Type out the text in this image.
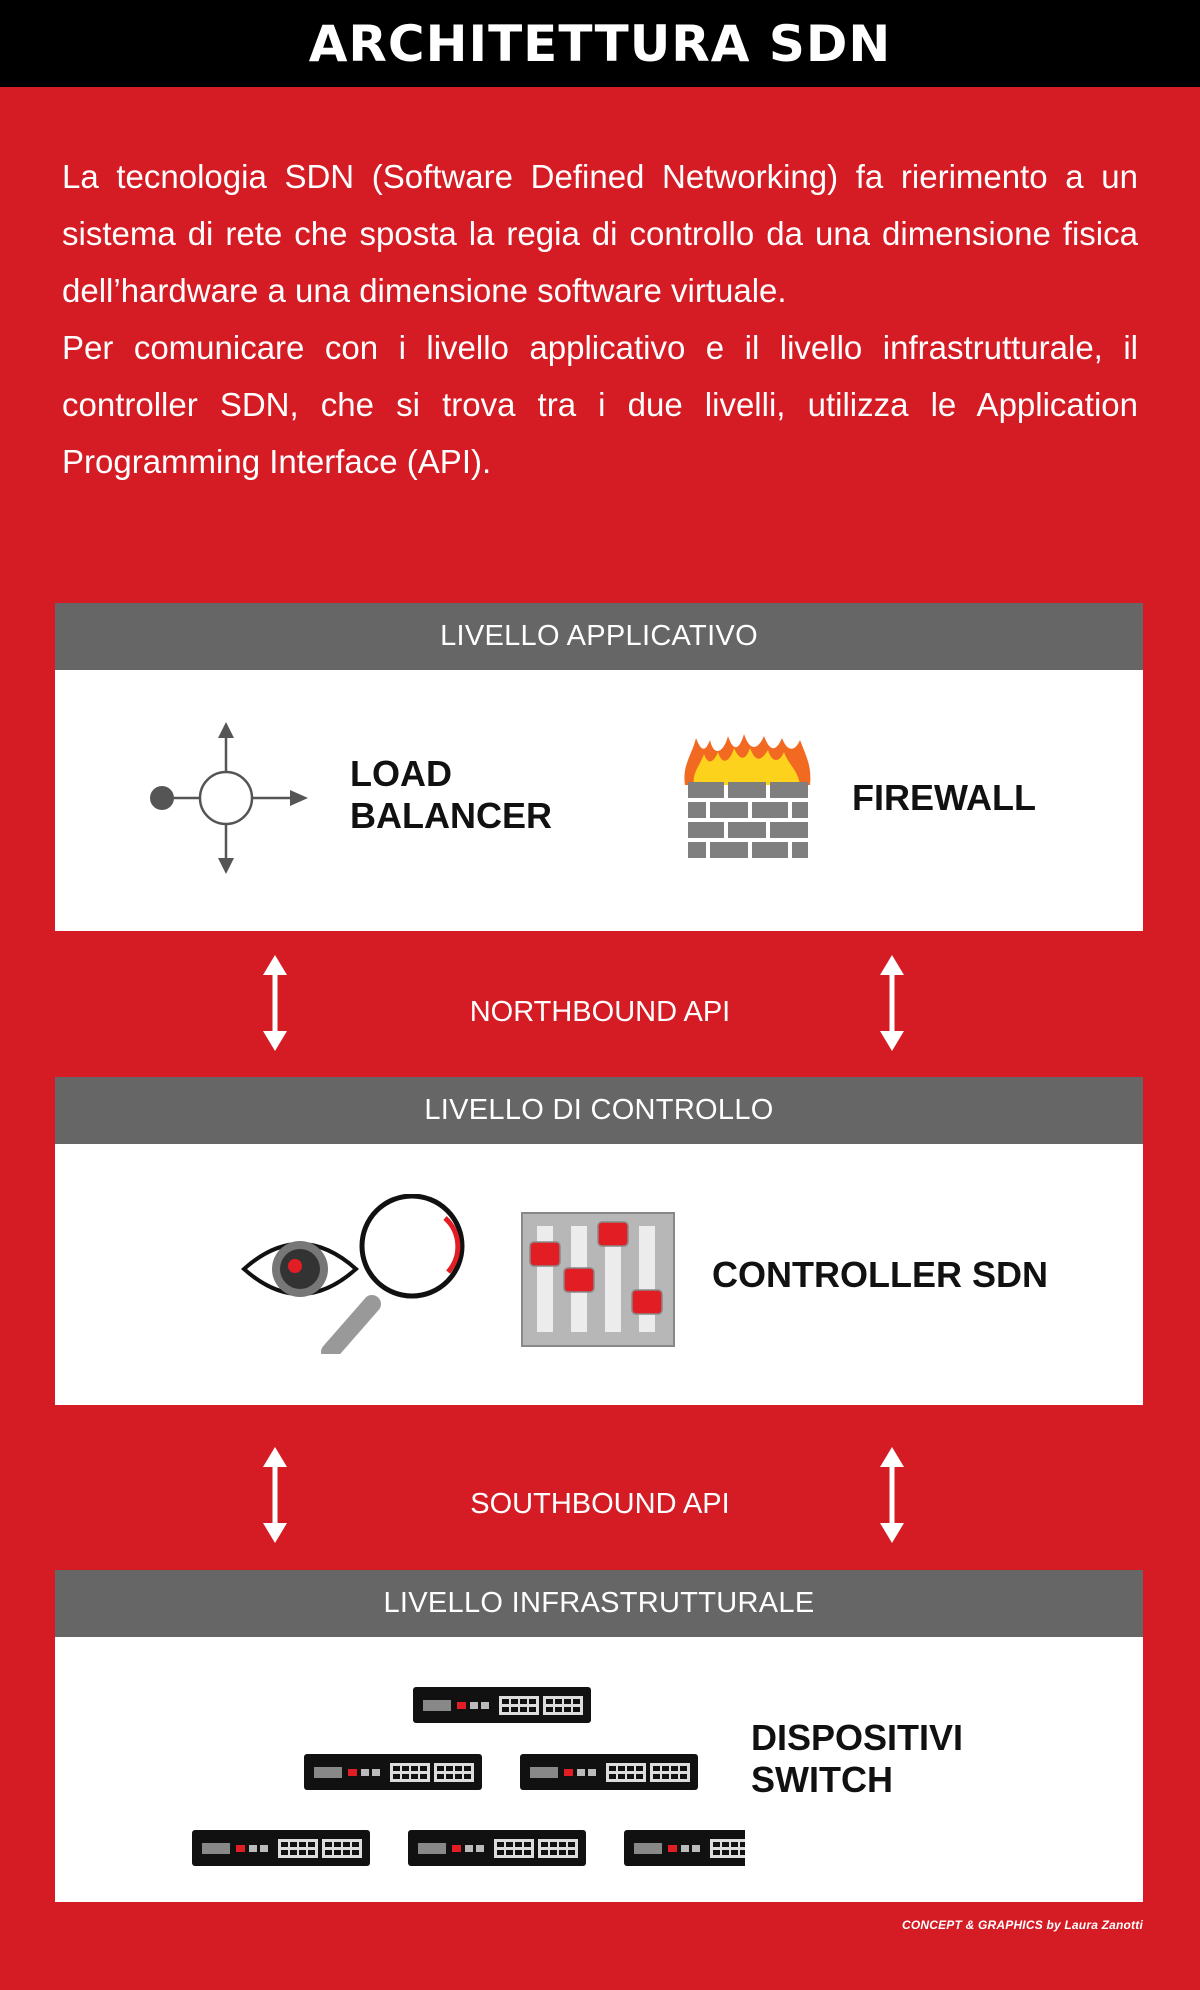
ARCHITETTURA SDN

La tecnologia SDN (Software Defined Networking) fa rierimento a un sistema di rete che sposta la regia di controllo da una dimensione fisica dell’hardware a una dimensione software virtuale.

Per comunicare con i livello applicativo e il livello infrastrutturale, il controller SDN, che si trova tra i due livelli, utilizza le Application Programming Interface (API).

LIVELLO APPLICATIVO
LOAD
BALANCER	FIREWALL
NORTHBOUND API
LIVELLO DI CONTROLLO
CONTROLLER SDN
SOUTHBOUND API
LIVELLO INFRASTRUTTURALE
DISPOSITIVI
SWITCH
CONCEPT & GRAPHICS by Laura Zanotti
